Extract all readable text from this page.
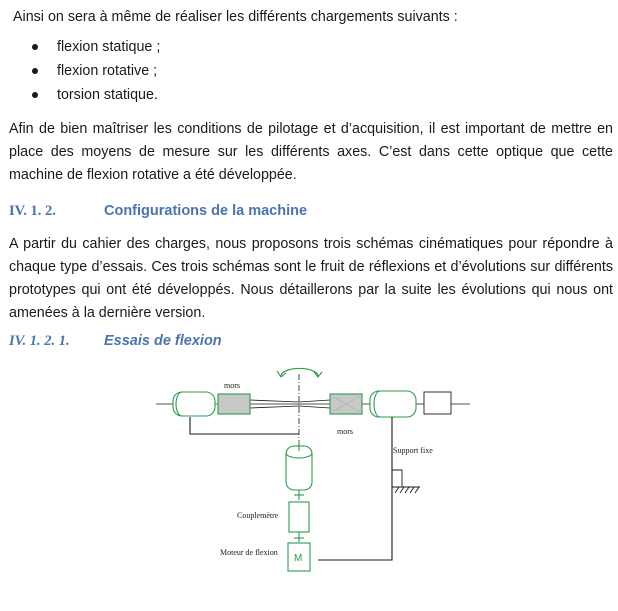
Ainsi on sera à même de réaliser les différents chargements suivants :

flexion statique ;
flexion rotative ;
torsion statique.

Afin de bien maîtriser les conditions de pilotage et d’acquisition, il est important de mettre en place des moyens de mesure sur les différents axes. C’est dans cette optique que cette machine de flexion rotative a été développée.

IV. 1. 2.	Configurations de la machine

A partir du cahier des charges, nous proposons trois schémas cinématiques pour répondre à chaque type d’essais. Ces trois schémas sont le fruit de réflexions et d’évolutions sur différents prototypes qui ont été développés. Nous détaillerons par la suite les évolutions qui nous ont amenées à la dernière version.

IV. 1. 2. 1. Essais de flexion
mors
mors
Support fixe
Couplemètre
Moteur de flexion
M
